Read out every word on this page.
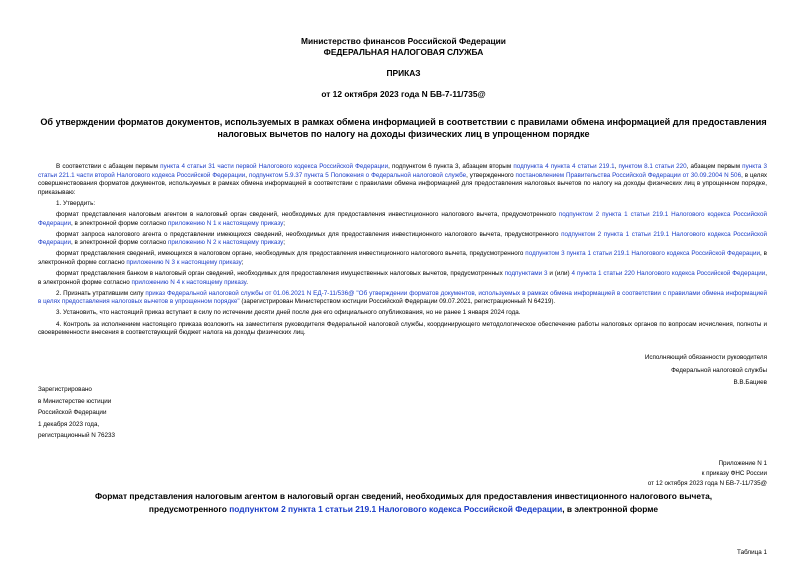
Министерство финансов Российской Федерации
ФЕДЕРАЛЬНАЯ НАЛОГОВАЯ СЛУЖБА
ПРИКАЗ
от 12 октября 2023 года N БВ-7-11/735@
Об утверждении форматов документов, используемых в рамках обмена информацией в соответствии с правилами обмена информацией для предоставления
налоговых вычетов по налогу на доходы физических лиц в упрощенном порядке

В соответствии с абзацем первым пункта 4 статьи 31 части первой Налогового кодекса Российской Федерации, подпунктом 6 пункта 3, абзацем вторым подпункта 4 пункта 4 статьи 219.1, пунктом 8.1 статьи 220, абзацем первым пункта 3 статьи 221.1 части второй Налогового кодекса Российской Федерации, подпунктом 5.9.37 пункта 5 Положения о Федеральной налоговой службе, утвержденного постановлением Правительства Российской Федерации от 30.09.2004 N 506, в целях совершенствования форматов документов, используемых в рамках обмена информацией в соответствии с правилами обмена информацией для предоставления налоговых вычетов по налогу на доходы физических лиц в упрощенном порядке, приказываю:

1. Утвердить:

формат представления налоговым агентом в налоговый орган сведений, необходимых для предоставления инвестиционного налогового вычета, предусмотренного подпунктом 2 пункта 1 статьи 219.1 Налогового кодекса Российской Федерации, в электронной форме согласно приложению N 1 к настоящему приказу;

формат запроса налогового агента о представлении имеющихся сведений, необходимых для предоставления инвестиционного налогового вычета, предусмотренного подпунктом 2 пункта 1 статьи 219.1 Налогового кодекса Российской Федерации, в электронной форме согласно приложению N 2 к настоящему приказу;

формат представления сведений, имеющихся в налоговом органе, необходимых для предоставления инвестиционного налогового вычета, предусмотренного подпунктом 3 пункта 1 статьи 219.1 Налогового кодекса Российской Федерации, в электронной форме согласно приложению N 3 к настоящему приказу;

формат представления банком в налоговый орган сведений, необходимых для предоставления имущественных налоговых вычетов, предусмотренных подпунктами 3 и (или) 4 пункта 1 статьи 220 Налогового кодекса Российской Федерации, в электронной форме согласно приложению N 4 к настоящему приказу.

2. Признать утратившим силу приказ Федеральной налоговой службы от 01.06.2021 N ЕД-7-11/536@ "Об утверждении форматов документов, используемых в рамках обмена информацией в соответствии с правилами обмена информацией в целях предоставления налоговых вычетов в упрощенном порядке" (зарегистрирован Министерством юстиции Российской Федерации 09.07.2021, регистрационный N 64219).

3. Установить, что настоящий приказ вступает в силу по истечении десяти дней после дня его официального опубликования, но не ранее 1 января 2024 года.

4. Контроль за исполнением настоящего приказа возложить на заместителя руководителя Федеральной налоговой службы, координирующего методологическое обеспечение работы налоговых органов по вопросам исчисления, полноты и своевременности внесения в соответствующий бюджет налога на доходы физических лиц.

Исполняющий обязанности руководителя
Федеральной налоговой службы
В.В.Бациев
Зарегистрировано
в Министерстве юстиции
Российской Федерации
1 декабря 2023 года,
регистрационный N 76233
Приложение N 1
к приказу ФНС России
от 12 октября 2023 года N БВ-7-11/735@
Формат представления налоговым агентом в налоговый орган сведений, необходимых для предоставления инвестиционного налогового вычета,
предусмотренного подпунктом 2 пункта 1 статьи 219.1 Налогового кодекса Российской Федерации, в электронной форме
Таблица 1
